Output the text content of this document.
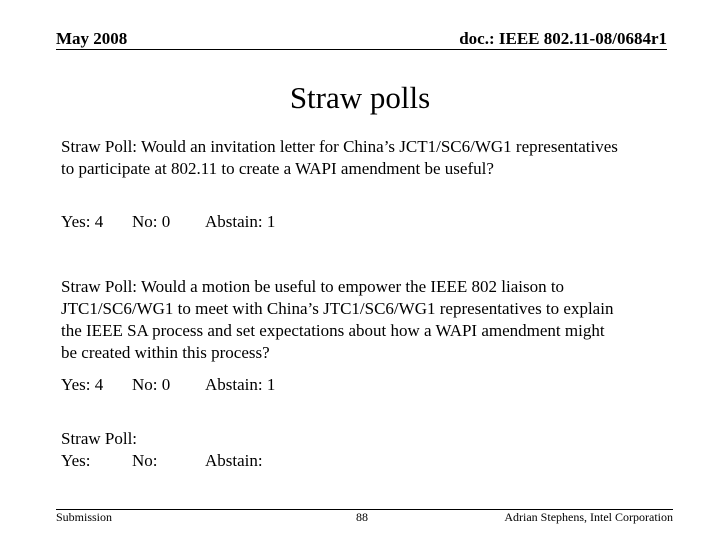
May 2008	doc.: IEEE 802.11-08/0684r1
Straw polls
Straw Poll: Would an invitation letter for China’s JCT1/SC6/WG1 representatives to participate at 802.11 to create a WAPI amendment be useful?
Yes: 4 No: 0 Abstain: 1
Straw Poll: Would a motion be useful to empower the IEEE 802 liaison to JTC1/SC6/WG1 to meet with China’s JTC1/SC6/WG1 representatives to explain the IEEE SA process and set expectations about how a WAPI amendment might be created within this process?
Yes: 4 No: 0 Abstain: 1
Straw Poll:
Yes: No:	Abstain:
Submission	88	Adrian Stephens, Intel Corporation
